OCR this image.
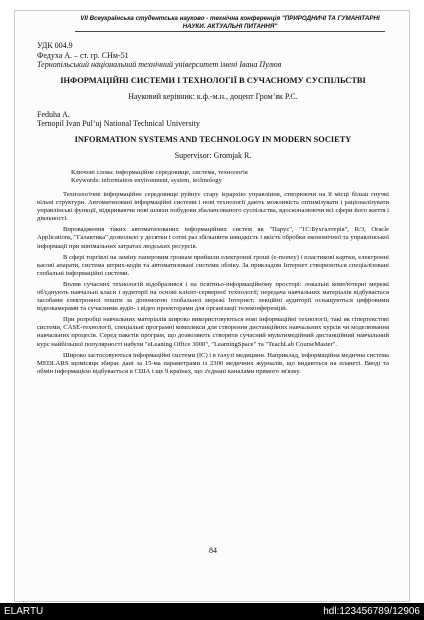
VII Всеукраїнська студентська науково - технічна конференція "ПРИРОДНИЧІ ТА ГУМАНІТАРНІ НАУКИ. АКТУАЛЬНІ ПИТАННЯ"
УДК 004.9
Федуха А. – ст. гр. СНм-51
Тернопільський національний технічний університет імені Івана Пулюя
ІНФОРМАЦІЙНІ СИСТЕМИ І ТЕХНОЛОГІЇ В СУЧАСНОМУ СУСПІЛЬСТВІ
Науковий керівник: к.ф.-м.н., доцент Гром’як Р.С.
Feduha A.
Ternopil Ivan Pul’uj National Technical University
INFORMATION SYSTEMS AND TECHNOLOGY IN MODERN SOCIETY
Supervisor: Gromjak R.
Ключові слова: інформаційне середовище, система, технологія
Keywords: information environment, system, technology

Технологічне інформаційне середовище руйнує стару ієрархію управління, створюючи на її місці більш гнучкі вільні структури. Автоматизовані інформаційні системи і нові технології дають можливість оптимізувати і раціоналізувати управлінські функції, відкриваючи нові шляхи побудови збалансованого суспільства, вдосконалюючи всі сфери його життя і діяльності.

Впровадження таких автоматизованих інформаційних систем як "Парус", "1С:Бухгалтерія", R/3, Oracle Applications, "Галактика" дозволило у десятки і сотні раз збільшити швидкість і якість обробки економічної та управлінської інформації при мінімальних затратах людських ресурсів.

В сфері торгівлі на заміну паперовим грошам прийшли електронні гроші (e-money) і пластикові картки, електронні касові апарати, система штрих-кодів та автоматизовані системи обліку. За прикладом Інтернет створюються спеціалізовані глобальні інформаційні системи.

Вплив сучасних технологій відобразився і на освітньо-інформаційному просторі: локальні комп'ютерні мережі об'єднують навчальні класи і аудиторії на основі клієнт-серверної технології; передача навчальних матеріалів відбувається засобами електронної пошти за допомогою глобальної мережі Інтернет; лекційні аудиторії оснащуються цифровими відеокамерами та сучасними аудіо- і відео проекторами для організації телеконференцій.

При розробці навчальних матеріалів широко використовуються нові інформаційні технології, такі як гіпертекстові системи, CASE-технології, спеціальні програмні комплекси для створення дистанційних навчальних курсів чи моделювання навчальних процесів. Серед пакетів програм, що дозволяють створити сучасний мультимедійний дистанційний навчальний курс найбільшої популярності набули "eLeaning Office 3000", "LearningSpace" та "TeachLab CourseMaster".

Широко застосовуються інформаційні системи (ІС) і в галузі медицини. Наприклад, інформаційна медична система MEDLARS щомісяця збирає дані за 15-ма параметрами із 2300 медичних журналів, що видаються на планеті. Вводі та обмін інформацією відбувається в США і ще 9 країнах, що з'єднані каналами прямого зв'язку.

84
ELARTU	hdl:123456789/12906
